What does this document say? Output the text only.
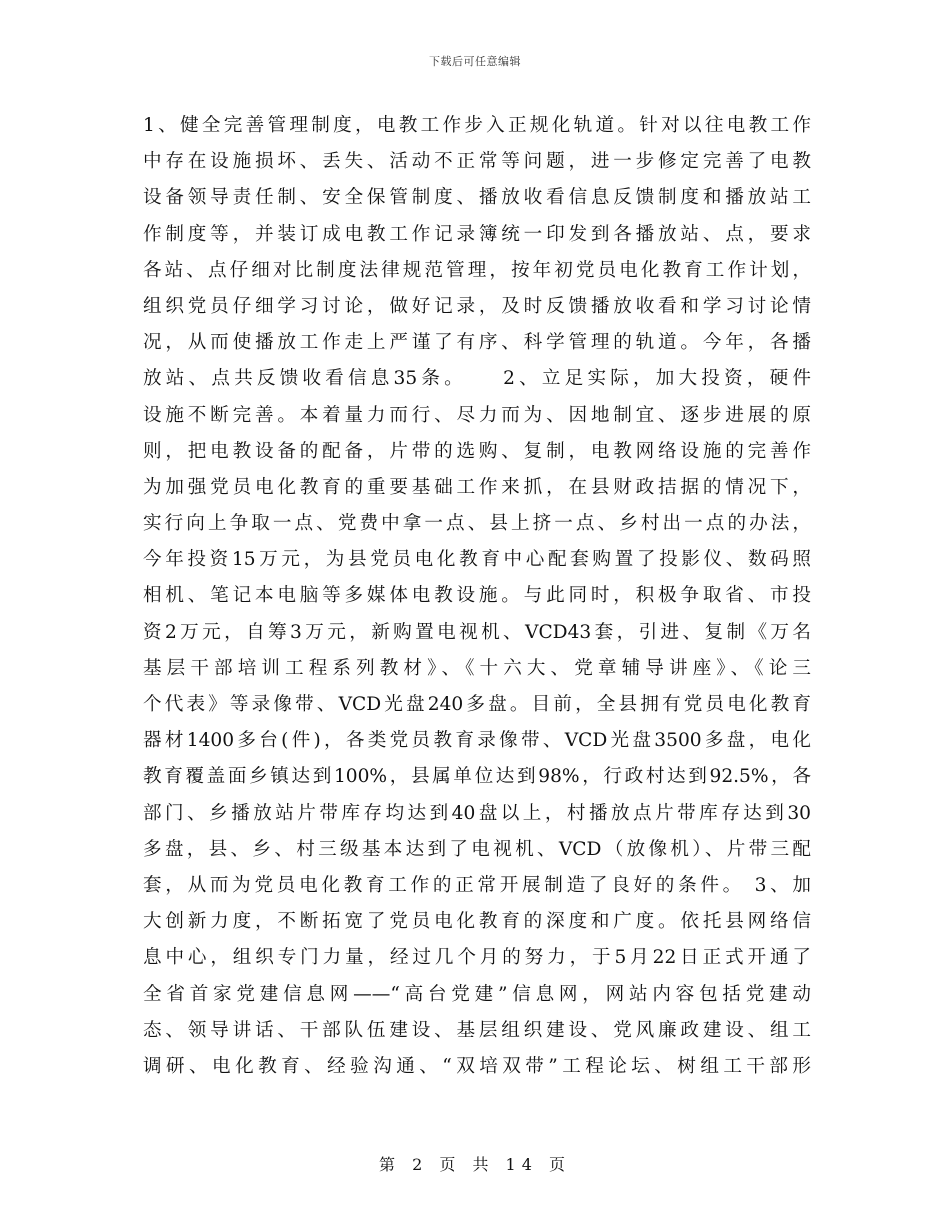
下载后可任意编辑
1、健全完善管理制度，电教工作步入正规化轨道。针对以往电教工作
中存在设施损坏、丢失、活动不正常等问题，进一步修定完善了电教
设备领导责任制、安全保管制度、播放收看信息反馈制度和播放站工
作制度等，并装订成电教工作记录簿统一印发到各播放站、点，要求
各站、点仔细对比制度法律规范管理，按年初党员电化教育工作计划，
组织党员仔细学习讨论，做好记录，及时反馈播放收看和学习讨论情
况，从而使播放工作走上严谨了有序、科学管理的轨道。今年，各播
放站、点共反馈收看信息35条。　　2、立足实际，加大投资，硬件
设施不断完善。本着量力而行、尽力而为、因地制宜、逐步进展的原
则，把电教设备的配备，片带的选购、复制，电教网络设施的完善作
为加强党员电化教育的重要基础工作来抓，在县财政拮据的情况下，
实行向上争取一点、党费中拿一点、县上挤一点、乡村出一点的办法，
今年投资15万元，为县党员电化教育中心配套购置了投影仪、数码照
相机、笔记本电脑等多媒体电教设施。与此同时，积极争取省、市投
资2万元，自筹3万元，新购置电视机、VCD43套，引进、复制《万名
基层干部培训工程系列教材》、《十六大、党章辅导讲座》、《论三
个代表》等录像带、VCD光盘240多盘。目前，全县拥有党员电化教育
器材1400多台(件)，各类党员教育录像带、VCD光盘3500多盘，电化
教育覆盖面乡镇达到100%，县属单位达到98%，行政村达到92.5%，各
部门、乡播放站片带库存均达到40盘以上，村播放点片带库存达到30
多盘，县、乡、村三级基本达到了电视机、VCD（放像机）、片带三配
套，从而为党员电化教育工作的正常开展制造了良好的条件。 3、加
大创新力度，不断拓宽了党员电化教育的深度和广度。依托县网络信
息中心，组织专门力量，经过几个月的努力，于5月22日正式开通了
全省首家党建信息网——“高台党建”信息网，网站内容包括党建动
态、领导讲话、干部队伍建设、基层组织建设、党风廉政建设、组工
调研、电化教育、经验沟通、“双培双带”工程论坛、树组工干部形
第 2 页 共 14 页
